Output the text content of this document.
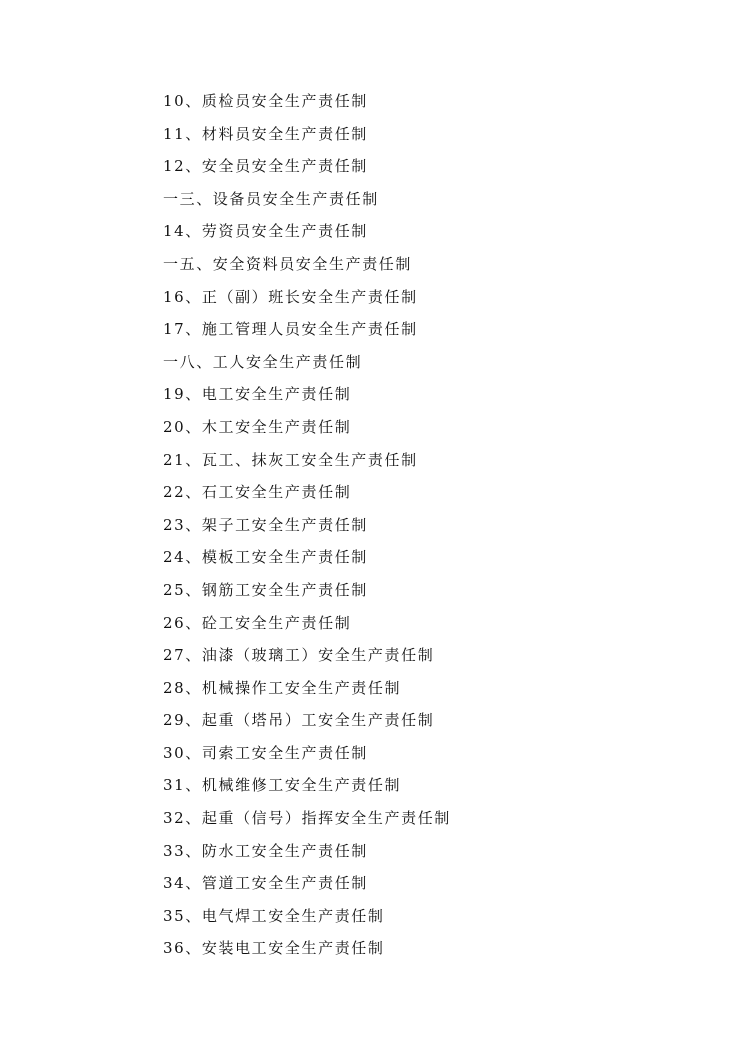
10、质检员安全生产责任制
11、材料员安全生产责任制
12、安全员安全生产责任制
一三、设备员安全生产责任制
14、劳资员安全生产责任制
一五、安全资料员安全生产责任制
16、正（副）班长安全生产责任制
17、施工管理人员安全生产责任制
一八、工人安全生产责任制
19、电工安全生产责任制
20、木工安全生产责任制
21、瓦工、抹灰工安全生产责任制
22、石工安全生产责任制
23、架子工安全生产责任制
24、模板工安全生产责任制
25、钢筋工安全生产责任制
26、砼工安全生产责任制
27、油漆（玻璃工）安全生产责任制
28、机械操作工安全生产责任制
29、起重（塔吊）工安全生产责任制
30、司索工安全生产责任制
31、机械维修工安全生产责任制
32、起重（信号）指挥安全生产责任制
33、防水工安全生产责任制
34、管道工安全生产责任制
35、电气焊工安全生产责任制
36、安装电工安全生产责任制
